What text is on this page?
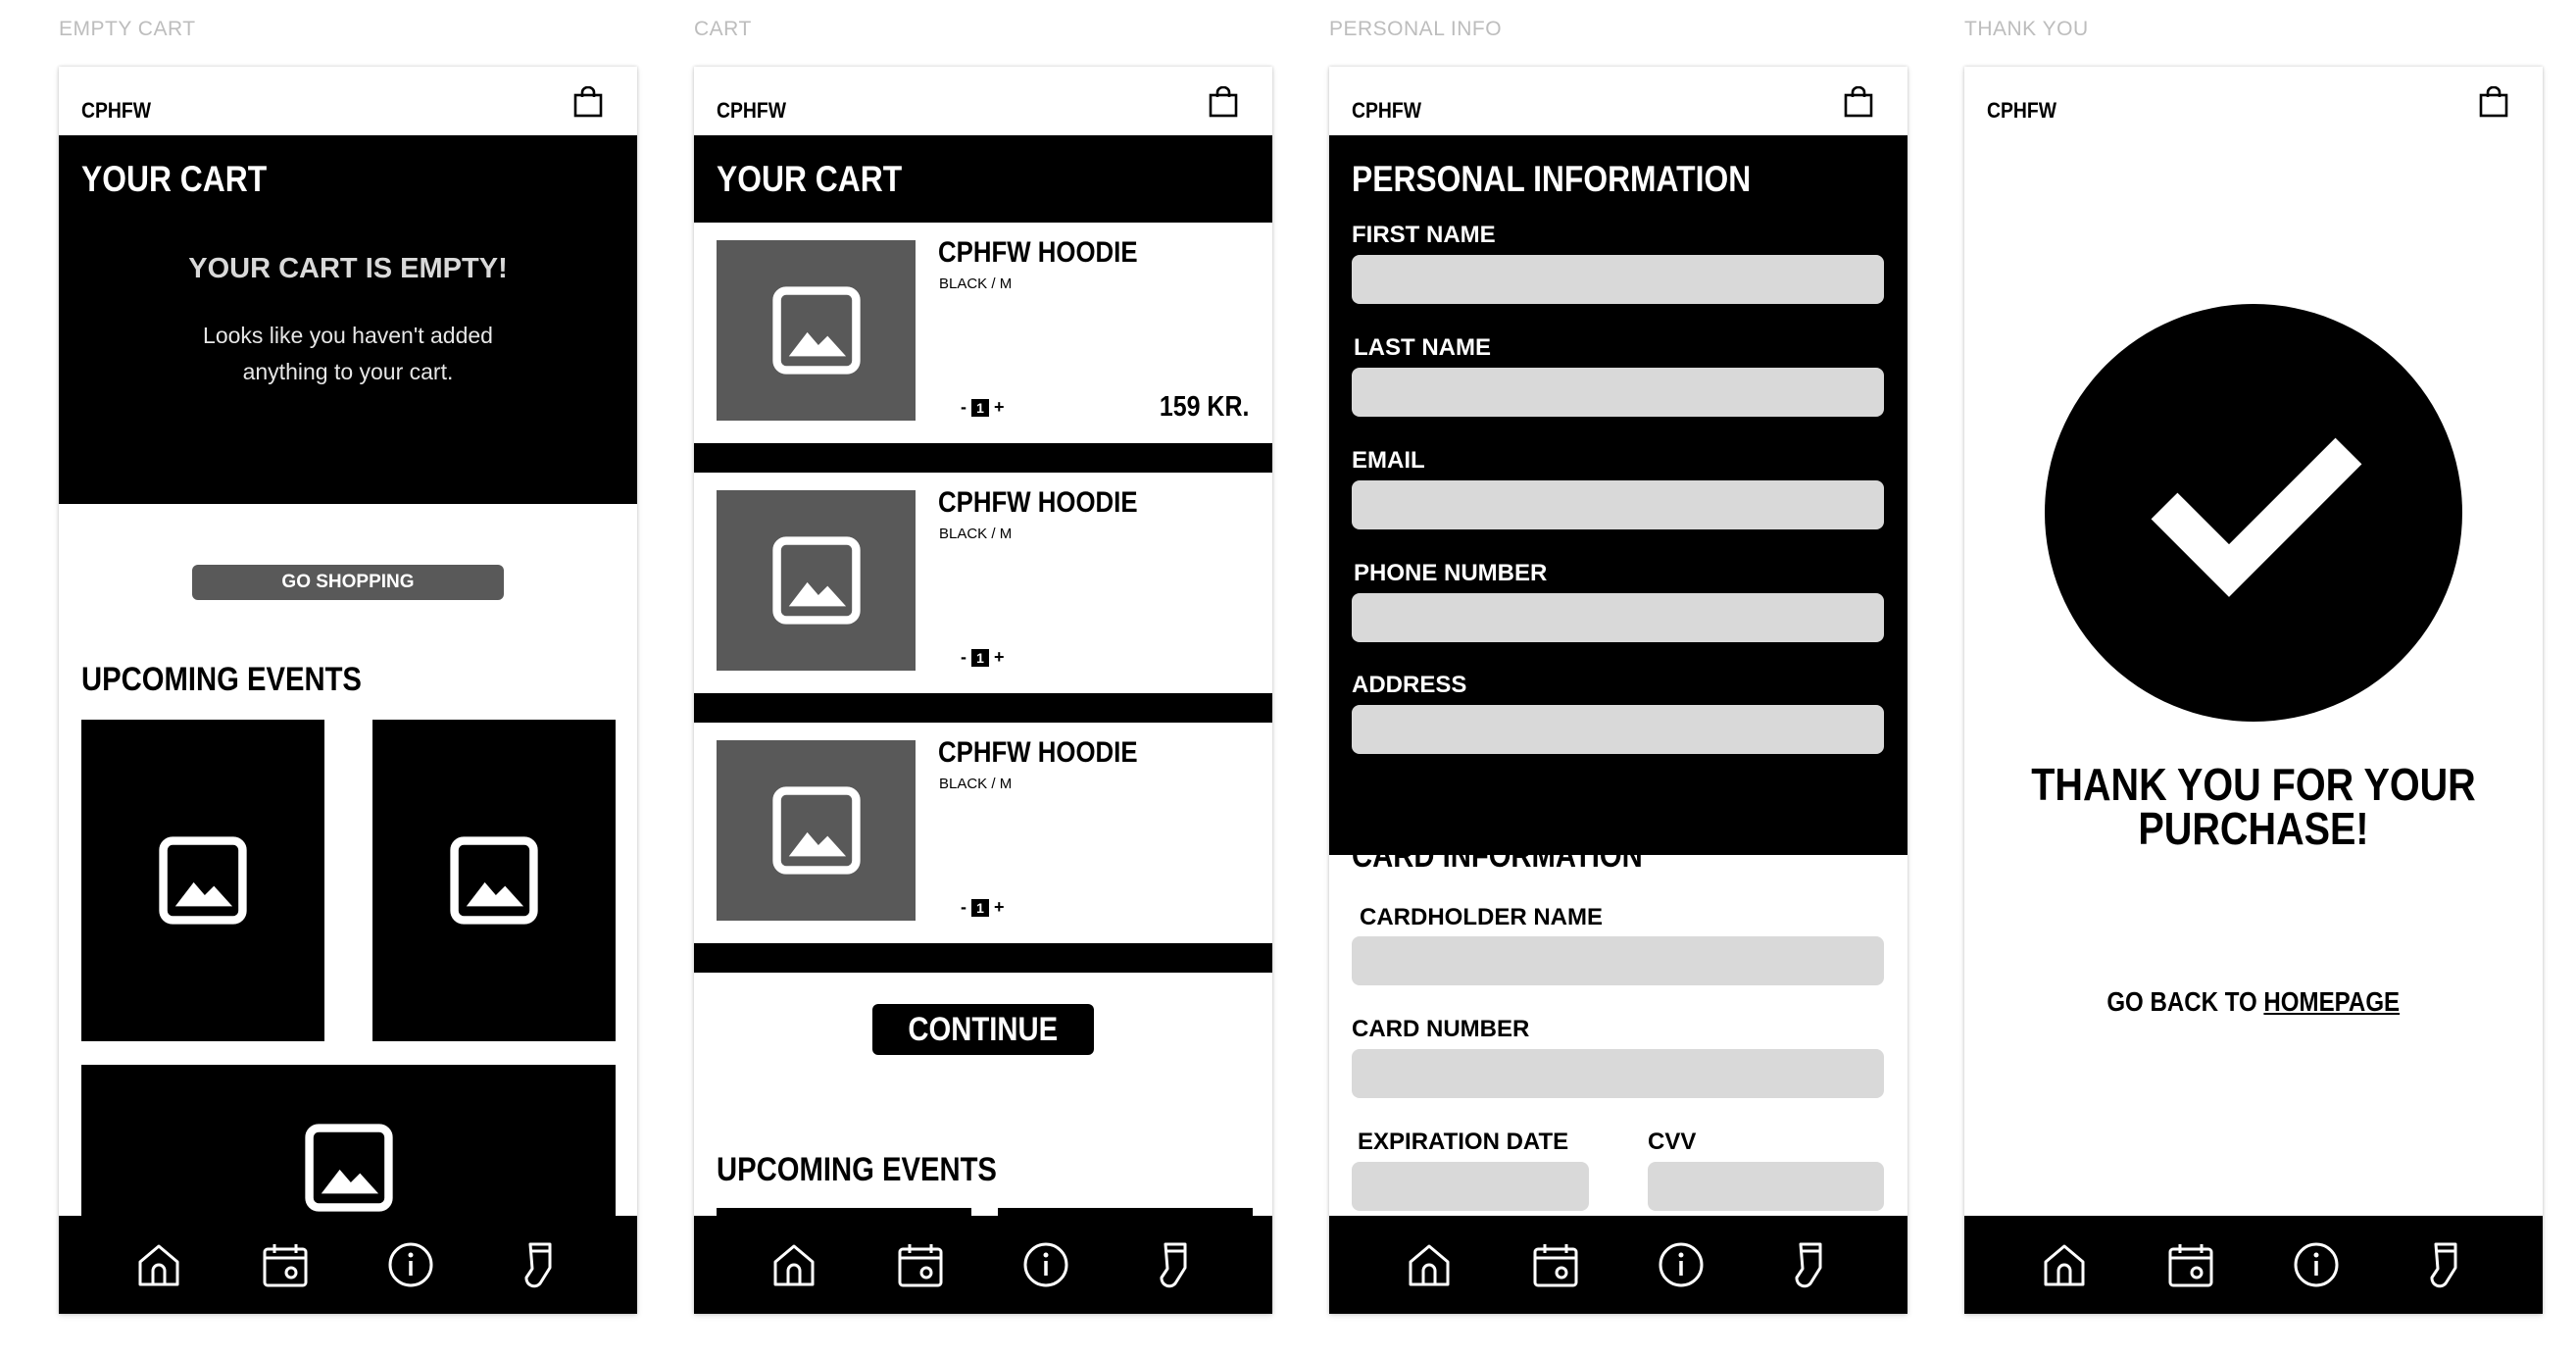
EMPTY CART	CART	PERSONAL INFO	THANK YOU
CPHFW
YOUR CART
YOUR CART IS EMPTY!
Looks like you haven't added
anything to your cart.
GO SHOPPING
UPCOMING EVENTS
CPHFW
YOUR CART
CPHFW HOODIE
BLACK / M
- 1 +	159 KR.
CPHFW HOODIE
BLACK / M
- 1 +
CPHFW HOODIE
BLACK / M
- 1 +
CONTINUE
UPCOMING EVENTS
CPHFW
PERSONAL INFORMATION
FIRST NAME
LAST NAME
EMAIL
PHONE NUMBER
ADDRESS
CARD INFORMATION
CARDHOLDER NAME
CARD NUMBER
EXPIRATION DATE	CVV
CPHFW
THANK YOU FOR YOUR
PURCHASE!
GO BACK TO HOMEPAGE
